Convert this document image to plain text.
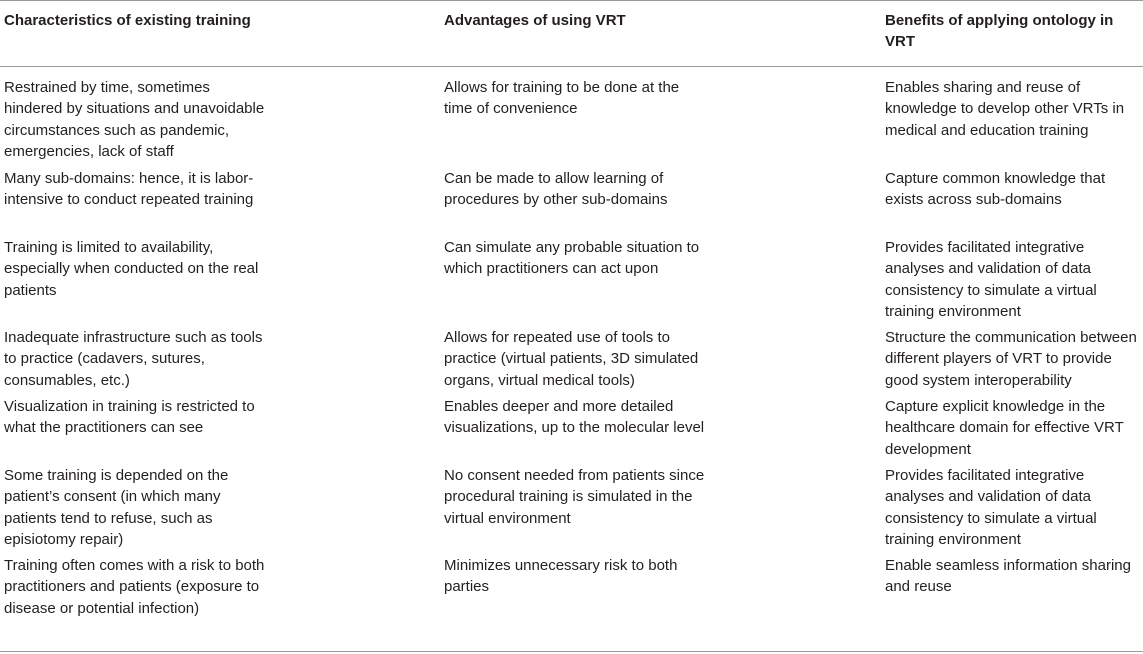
Characteristics of existing training	Advantages of using VRT	Benefits of applying ontology in VRT
Restrained by time, sometimes hindered by situations and unavoidable circumstances such as pandemic, emergencies, lack of staff
Allows for training to be done at the time of convenience
Enables sharing and reuse of knowledge to develop other VRTs in medical and education training
Many sub-domains: hence, it is labor-intensive to conduct repeated training
Can be made to allow learning of procedures by other sub-domains
Capture common knowledge that exists across sub-domains
Training is limited to availability, especially when conducted on the real patients
Can simulate any probable situation to which practitioners can act upon
Provides facilitated integrative analyses and validation of data consistency to simulate a virtual training environment
Inadequate infrastructure such as tools to practice (cadavers, sutures, consumables, etc.)
Allows for repeated use of tools to practice (virtual patients, 3D simulated organs, virtual medical tools)
Structure the communication between different players of VRT to provide good system interoperability
Visualization in training is restricted to what the practitioners can see
Enables deeper and more detailed visualizations, up to the molecular level
Capture explicit knowledge in the healthcare domain for effective VRT development
Some training is depended on the patient’s consent (in which many patients tend to refuse, such as episiotomy repair)
No consent needed from patients since procedural training is simulated in the virtual environment
Provides facilitated integrative analyses and validation of data consistency to simulate a virtual training environment
Training often comes with a risk to both practitioners and patients (exposure to disease or potential infection)
Minimizes unnecessary risk to both parties
Enable seamless information sharing and reuse
